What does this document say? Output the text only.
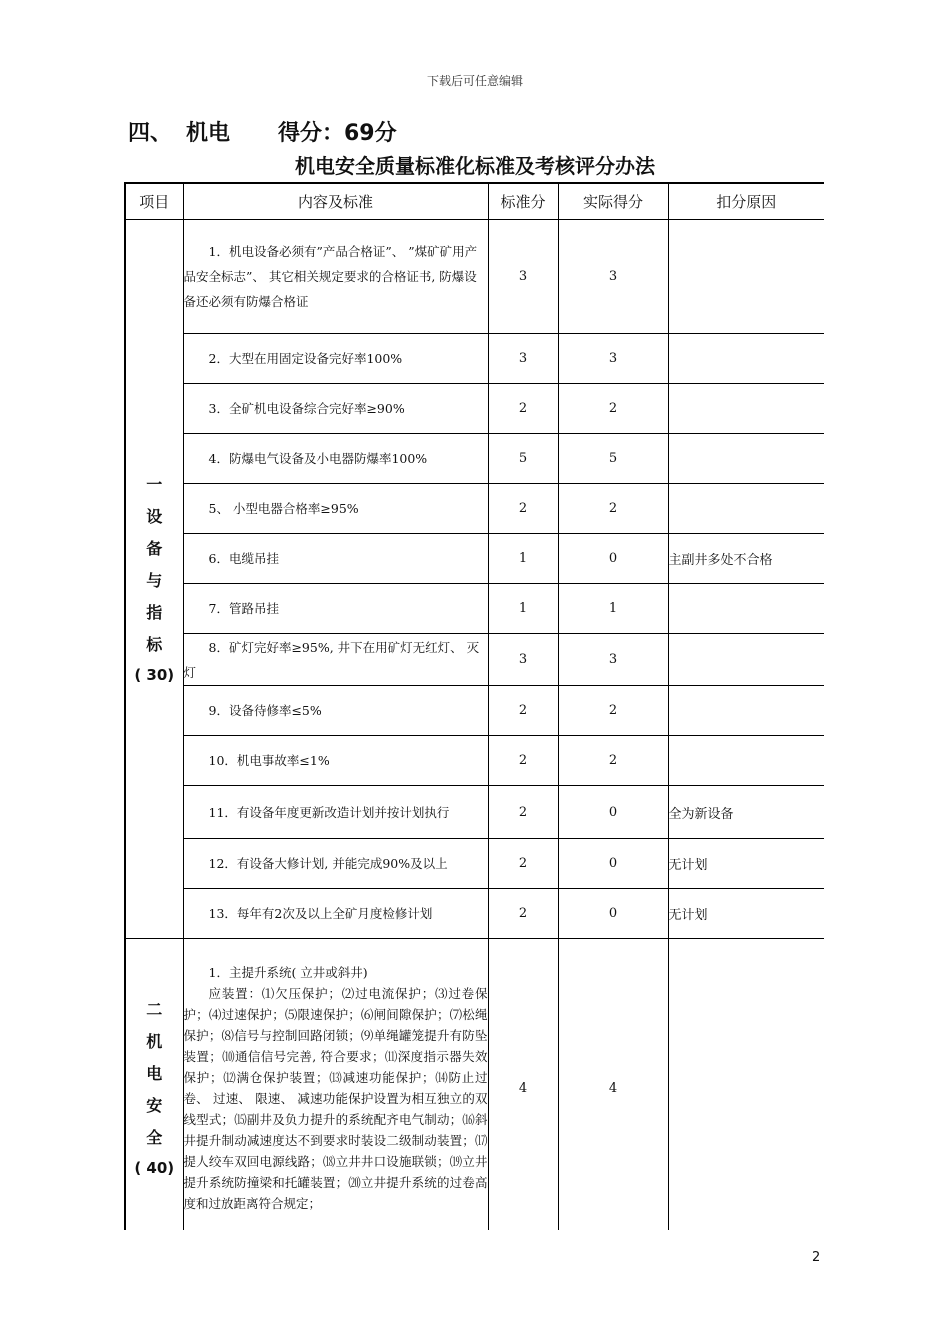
下载后可任意编辑
四、 机电 得分：69分
机电安全质量标准化标准及考核评分办法
项目	内容及标准	标准分	实际得分	扣分原因
一设备与指标
( 30)	1．机电设备必须有”产品合格证”、 ”煤矿矿用产品安全标志”、 其它相关规定要求的合格证书, 防爆设备还必须有防爆合格证	3	3	

	2．大型在用固定设备完好率100%	3	3	

	3．全矿机电设备综合完好率≥90%	2	2	

	4．防爆电气设备及小电器防爆率100%	5	5	

	5、 小型电器合格率≥95%	2	2	

	6．电缆吊挂	1	0	主副井多处不合格

	7．管路吊挂	1	1	

	8．矿灯完好率≥95%, 井下在用矿灯无红灯、 灭灯	3	3	

	9．设备待修率≤5%	2	2	

	10．机电事故率≤1%	2	2	

	11．有设备年度更新改造计划并按计划执行	2	0	全为新设备

	12．有设备大修计划, 并能完成90%及以上	2	0	无计划

	13．每年有2次及以上全矿月度检修计划	2	0	无计划
二机电安全
( 40)	1．主提升系统( 立井或斜井)
应装置：⑴欠压保护；⑵过电流保护；⑶过卷保护；⑷过速保护；⑸限速保护；⑹闸间隙保护；⑺松绳保护；⑻信号与控制回路闭锁；⑼单绳罐笼提升有防坠装置；⑽通信信号完善, 符合要求；⑾深度指示器失效保护；⑿满仓保护装置；⒀减速功能保护；⒁防止过卷、 过速、 限速、 减速功能保护设置为相互独立的双线型式；⒂副井及负力提升的系统配齐电气制动；⒃斜井提升制动减速度达不到要求时装设二级制动装置；⒄提人绞车双回电源线路；⒅立井井口设施联锁；⒆立井提升系统防撞梁和托罐装置；⒇立井提升系统的过卷高度和过放距离符合规定；	4	4	
2
